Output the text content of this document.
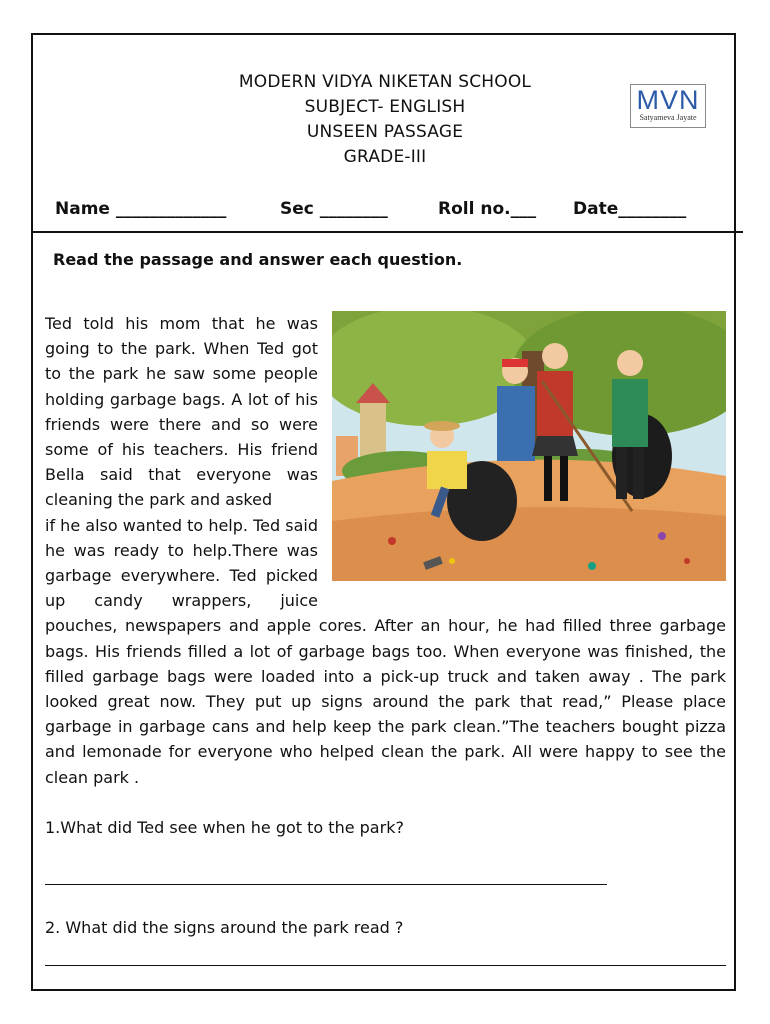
MODERN VIDYA NIKETAN SCHOOL
SUBJECT- ENGLISH
UNSEEN PASSAGE
GRADE-III
MVN
Satyameva Jayate
Name _____________	Sec ________	Roll no.___ Date________
Read the passage and answer each question.
Ted told his mom that he was going to the park. When Ted got to the park he saw some people holding garbage bags. A lot of his friends were there and so were some of his teachers. His friend Bella said that everyone was cleaning the park and asked
if he also wanted to help. Ted said he was ready to help.There was garbage everywhere. Ted picked up candy wrappers, juice pouches, newspapers and apple cores. After an hour, he had filled three garbage bags. His friends filled a lot of garbage bags too. When everyone was finished, the filled garbage bags were loaded into a pick-up truck and taken away . The park looked great now. They put up signs around the park that read,” Please place garbage in garbage cans and help keep the park clean.”The teachers bought pizza and lemonade for everyone who helped clean the park. All were happy to see the clean park .
1.What did Ted see when he got to the park?
2. What did the signs around the park read ?
